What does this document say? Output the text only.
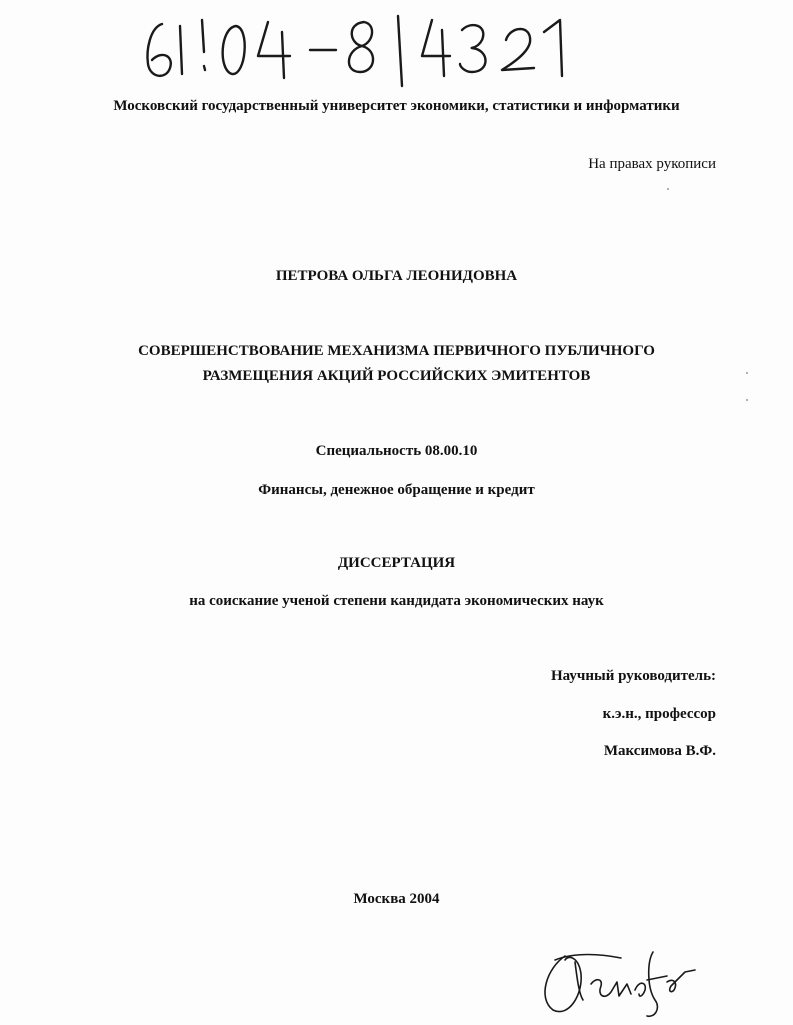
Московский государственный университет экономики, статистики и информатики
На правах рукописи
ПЕТРОВА ОЛЬГА ЛЕОНИДОВНА
СОВЕРШЕНСТВОВАНИЕ МЕХАНИЗМА ПЕРВИЧНОГО ПУБЛИЧНОГО
РАЗМЕЩЕНИЯ АКЦИЙ РОССИЙСКИХ ЭМИТЕНТОВ
Специальность 08.00.10
Финансы, денежное обращение и кредит
ДИССЕРТАЦИЯ
на соискание ученой степени кандидата экономических наук
Научный руководитель:
к.э.н., профессор
Максимова В.Ф.
Москва 2004
